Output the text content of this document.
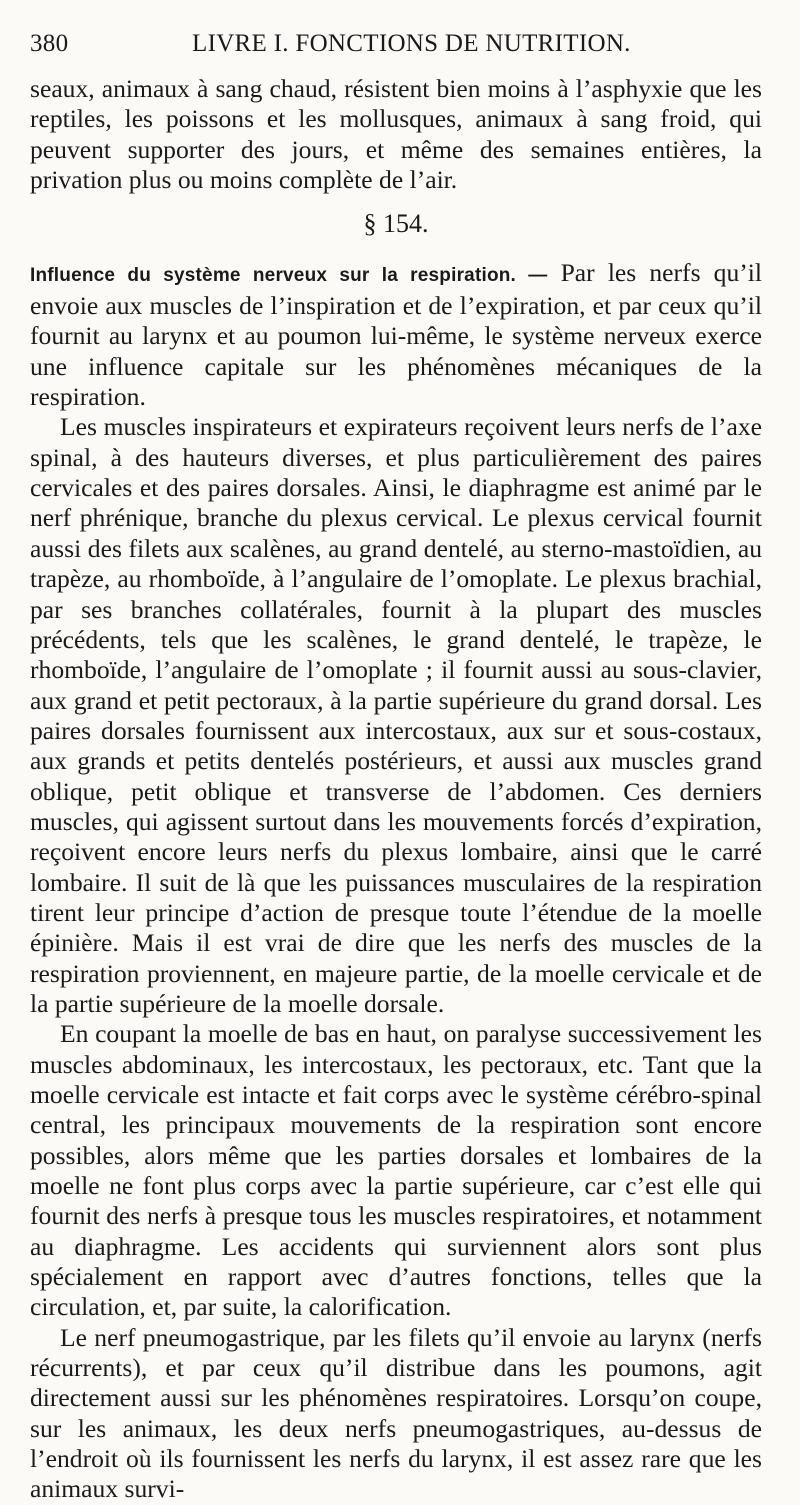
380	LIVRE I. FONCTIONS DE NUTRITION.

seaux, animaux à sang chaud, résistent bien moins à l’asphyxie que les reptiles, les poissons et les mollusques, animaux à sang froid, qui peuvent supporter des jours, et même des semaines entières, la privation plus ou moins complète de l’air.

§ 154.

Influence du système nerveux sur la respiration. — Par les nerfs qu’il envoie aux muscles de l’inspiration et de l’expiration, et par ceux qu’il fournit au larynx et au poumon lui-même, le système nerveux exerce une influence capitale sur les phénomènes mécaniques de la respiration.

Les muscles inspirateurs et expirateurs reçoivent leurs nerfs de l’axe spinal, à des hauteurs diverses, et plus particulièrement des paires cervicales et des paires dorsales. Ainsi, le diaphragme est animé par le nerf phrénique, branche du plexus cervical. Le plexus cervical fournit aussi des filets aux scalènes, au grand dentelé, au sterno-mastoïdien, au trapèze, au rhomboïde, à l’angulaire de l’omoplate. Le plexus brachial, par ses branches collatérales, fournit à la plupart des muscles précédents, tels que les scalènes, le grand dentelé, le trapèze, le rhomboïde, l’angulaire de l’omoplate ; il fournit aussi au sous-clavier, aux grand et petit pectoraux, à la partie supérieure du grand dorsal. Les paires dorsales fournissent aux intercostaux, aux sur et sous-costaux, aux grands et petits dentelés postérieurs, et aussi aux muscles grand oblique, petit oblique et transverse de l’abdomen. Ces derniers muscles, qui agissent surtout dans les mouvements forcés d’expiration, reçoivent encore leurs nerfs du plexus lombaire, ainsi que le carré lombaire. Il suit de là que les puissances musculaires de la respiration tirent leur principe d’action de presque toute l’étendue de la moelle épinière. Mais il est vrai de dire que les nerfs des muscles de la respiration proviennent, en majeure partie, de la moelle cervicale et de la partie supérieure de la moelle dorsale.

En coupant la moelle de bas en haut, on paralyse successivement les muscles abdominaux, les intercostaux, les pectoraux, etc. Tant que la moelle cervicale est intacte et fait corps avec le système cérébro-spinal central, les principaux mouvements de la respiration sont encore possibles, alors même que les parties dorsales et lombaires de la moelle ne font plus corps avec la partie supérieure, car c’est elle qui fournit des nerfs à presque tous les muscles respiratoires, et notamment au diaphragme. Les accidents qui surviennent alors sont plus spécialement en rapport avec d’autres fonctions, telles que la circulation, et, par suite, la calorification.

Le nerf pneumogastrique, par les filets qu’il envoie au larynx (nerfs récurrents), et par ceux qu’il distribue dans les poumons, agit directement aussi sur les phénomènes respiratoires. Lorsqu’on coupe, sur les animaux, les deux nerfs pneumogastriques, au-dessus de l’endroit où ils fournissent les nerfs du larynx, il est assez rare que les animaux survi-
